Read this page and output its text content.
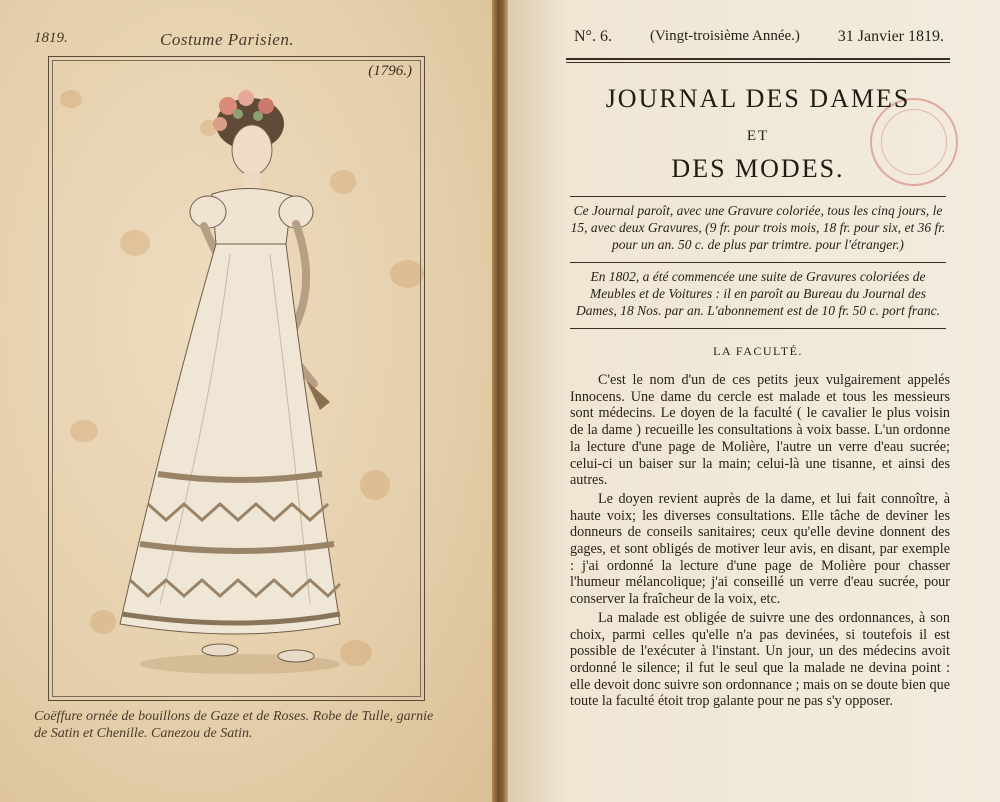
1819.	Costume Parisien.
(1796.)
Coëffure ornée de bouillons de Gaze et de Roses. Robe de Tulle, garnie de Satin et Chenille. Canezou de Satin.
N°. 6.	(Vingt-troisième Année.) 31 Janvier 1819.
JOURNAL DES DAMES
ET
DES MODES.
Ce Journal paroît, avec une Gravure coloriée, tous les cinq jours, le 15, avec deux Gravures, (9 fr. pour trois mois, 18 fr. pour six, et 36 fr. pour un an. 50 c. de plus par trimtre. pour l'étranger.)
En 1802, a été commencée une suite de Gravures coloriées de Meubles et de Voitures : il en paroît au Bureau du Journal des Dames, 18 Nos. par an. L'abonnement est de 10 fr. 50 c. port franc.
LA FACULTÉ.

C'est le nom d'un de ces petits jeux vulgairement appelés Innocens. Une dame du cercle est malade et tous les messieurs sont médecins. Le doyen de la faculté ( le cavalier le plus voisin de la dame ) recueille les consultations à voix basse. L'un ordonne la lecture d'une page de Molière, l'autre un verre d'eau sucrée; celui-ci un baiser sur la main; celui-là une tisanne, et ainsi des autres.

Le doyen revient auprès de la dame, et lui fait connoître, à haute voix; les diverses consultations. Elle tâche de deviner les donneurs de conseils sanitaires; ceux qu'elle devine donnent des gages, et sont obligés de motiver leur avis, en disant, par exemple : j'ai ordonné la lecture d'une page de Molière pour chasser l'humeur mélancolique; j'ai conseillé un verre d'eau sucrée, pour conserver la fraîcheur de la voix, etc.

La malade est obligée de suivre une des ordonnances, à son choix, parmi celles qu'elle n'a pas devinées, si toutefois il est possible de l'exécuter à l'instant. Un jour, un des médecins avoit ordonné le silence; il fut le seul que la malade ne devina point : elle devoit donc suivre son ordonnance ; mais on se doute bien que toute la faculté étoit trop galante pour ne pas s'y opposer.
